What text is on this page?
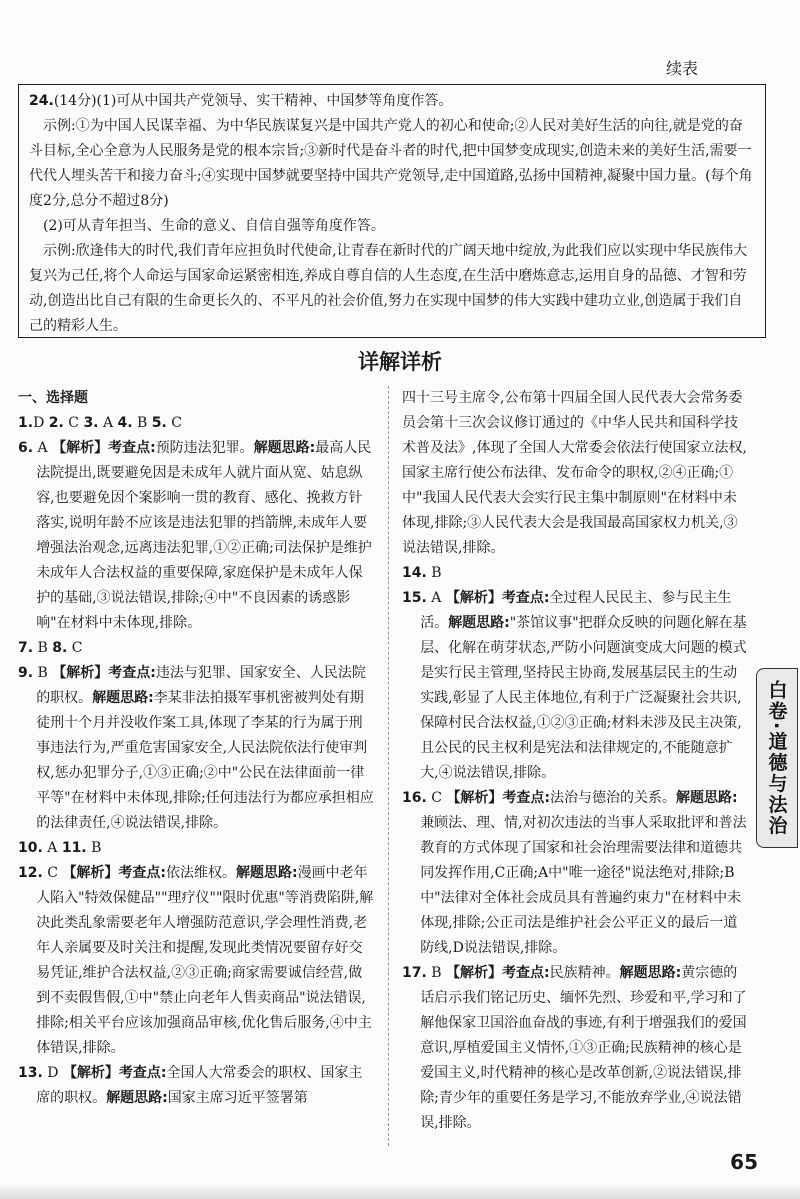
续表

24.(14分)(1)可从中国共产党领导、实干精神、中国梦等角度作答。

示例:①为中国人民谋幸福、为中华民族谋复兴是中国共产党人的初心和使命;②人民对美好生活的向往,就是党的奋斗目标,全心全意为人民服务是党的根本宗旨;③新时代是奋斗者的时代,把中国梦变成现实,创造未来的美好生活,需要一代代人埋头苦干和接力奋斗;④实现中国梦就要坚持中国共产党领导,走中国道路,弘扬中国精神,凝聚中国力量。(每个角度2分,总分不超过8分)

(2)可从青年担当、生命的意义、自信自强等角度作答。

示例:欣逢伟大的时代,我们青年应担负时代使命,让青春在新时代的广阔天地中绽放,为此我们应以实现中华民族伟大复兴为己任,将个人命运与国家命运紧密相连,养成自尊自信的人生态度,在生活中磨炼意志,运用自身的品德、才智和劳动,创造出比自己有限的生命更长久的、不平凡的社会价值,努力在实现中国梦的伟大实践中建功立业,创造属于我们自己的精彩人生。

详解详析

一、选择题

1.D 2. C 3. A 4. B 5. C

6. A 【解析】考查点:预防违法犯罪。解题思路:最高人民法院提出,既要避免因是未成年人就片面从宽、姑息纵容,也要避免因个案影响一贯的教育、感化、挽救方针落实,说明年龄不应该是违法犯罪的挡箭牌,未成年人要增强法治观念,远离违法犯罪,①②正确;司法保护是维护未成年人合法权益的重要保障,家庭保护是未成年人保护的基础,③说法错误,排除;④中"不良因素的诱惑影响"在材料中未体现,排除。

7. B 8. C

9. B 【解析】考查点:违法与犯罪、国家安全、人民法院的职权。解题思路:李某非法拍摄军事机密被判处有期徒刑十个月并没收作案工具,体现了李某的行为属于刑事违法行为,严重危害国家安全,人民法院依法行使审判权,惩办犯罪分子,①③正确;②中"公民在法律面前一律平等"在材料中未体现,排除;任何违法行为都应承担相应的法律责任,④说法错误,排除。

10. A 11. B

12. C 【解析】考查点:依法维权。解题思路:漫画中老年人陷入"特效保健品""理疗仪""限时优惠"等消费陷阱,解决此类乱象需要老年人增强防范意识,学会理性消费,老年人亲属要及时关注和提醒,发现此类情况要留存好交易凭证,维护合法权益,②③正确;商家需要诚信经营,做到不卖假售假,①中"禁止向老年人售卖商品"说法错误,排除;相关平台应该加强商品审核,优化售后服务,④中主体错误,排除。

13. D 【解析】考查点:全国人大常委会的职权、国家主席的职权。解题思路:国家主席习近平签署第

四十三号主席令,公布第十四届全国人民代表大会常务委员会第十三次会议修订通过的《中华人民共和国科学技术普及法》,体现了全国人大常委会依法行使国家立法权,国家主席行使公布法律、发布命令的职权,②④正确;①中"我国人民代表大会实行民主集中制原则"在材料中未体现,排除;③人民代表大会是我国最高国家权力机关,③说法错误,排除。

14. B

15. A 【解析】考查点:全过程人民民主、参与民主生活。解题思路:"茶馆议事"把群众反映的问题化解在基层、化解在萌芽状态,严防小问题演变成大问题的模式是实行民主管理,坚持民主协商,发展基层民主的生动实践,彰显了人民主体地位,有利于广泛凝聚社会共识,保障村民合法权益,①②③正确;材料未涉及民主决策,且公民的民主权利是宪法和法律规定的,不能随意扩大,④说法错误,排除。

16. C 【解析】考查点:法治与德治的关系。解题思路:兼顾法、理、情,对初次违法的当事人采取批评和普法教育的方式体现了国家和社会治理需要法律和道德共同发挥作用,C正确;A中"唯一途径"说法绝对,排除;B中"法律对全体社会成员具有普遍约束力"在材料中未体现,排除;公正司法是维护社会公平正义的最后一道防线,D说法错误,排除。

17. B 【解析】考查点:民族精神。解题思路:黄宗德的话启示我们铭记历史、缅怀先烈、珍爱和平,学习和了解他保家卫国浴血奋战的事迹,有利于增强我们的爱国意识,厚植爱国主义情怀,①③正确;民族精神的核心是爱国主义,时代精神的核心是改革创新,②说法错误,排除;青少年的重要任务是学习,不能放弃学业,④说法错误,排除。

白卷·道德与法治
65
